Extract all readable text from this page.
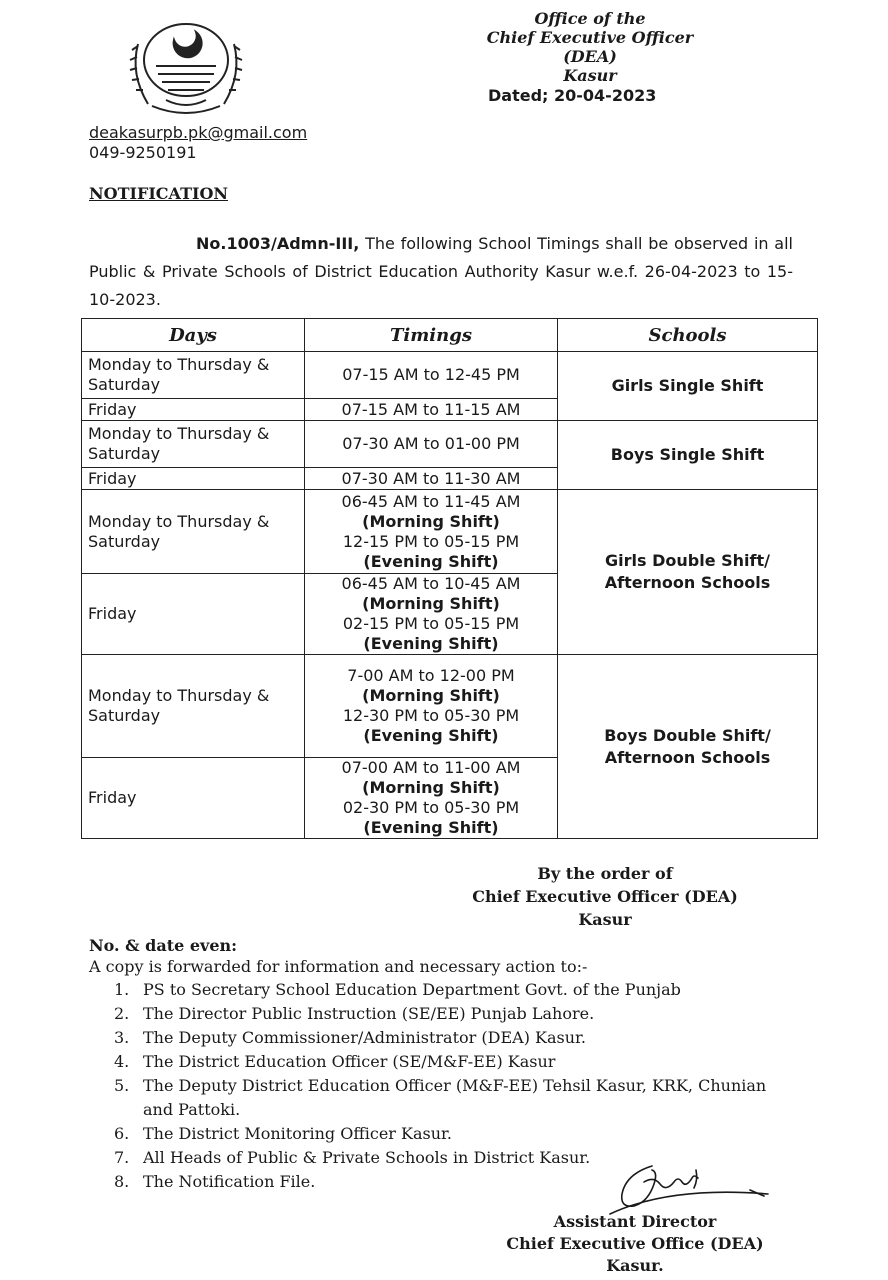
Office of the
Chief Executive Officer (DEA)
Kasur
Dated; 20-04-2023
deakasurpb.pk@gmail.com
049-9250191
NOTIFICATION
No.1003/Admn-III, The following School Timings shall be observed in all Public & Private Schools of District Education Authority Kasur w.e.f. 26-04-2023 to 15-10-2023.
Days	Timings	Schools
Monday to Thursday & Saturday	07-15 AM to 12-45 PM	Girls Single Shift
Friday	07-15 AM to 11-15 AM	
Monday to Thursday & Saturday	07-30 AM to 01-00 PM	Boys Single Shift
Friday	07-30 AM to 11-30 AM	
Monday to Thursday & Saturday	06-45 AM to 11-45 AM
(Morning Shift)
12-15 PM to 05-15 PM
(Evening Shift)	Girls Double Shift/
Afternoon Schools

Friday	06-45 AM to 10-45 AM
(Morning Shift)
02-15 PM to 05-15 PM
(Evening Shift)	

Monday to Thursday & Saturday	7-00 AM to 12-00 PM
(Morning Shift)
12-30 PM to 05-30 PM
(Evening Shift)	Boys Double Shift/
Afternoon Schools

Friday	07-00 AM to 11-00 AM
(Morning Shift)
02-30 PM to 05-30 PM
(Evening Shift)	
By the order of
Chief Executive Officer (DEA)
Kasur
No. & date even:
A copy is forwarded for information and necessary action to:-
1. PS to Secretary School Education Department Govt. of the Punjab
2. The Director Public Instruction (SE/EE) Punjab Lahore.
3. The Deputy Commissioner/Administrator (DEA) Kasur.
4. The District Education Officer (SE/M&F-EE) Kasur
5. The Deputy District Education Officer (M&F-EE) Tehsil Kasur, KRK, Chunian and Pattoki.
6. The District Monitoring Officer Kasur.
7. All Heads of Public & Private Schools in District Kasur.
8. The Notification File.
Assistant Director
Chief Executive Office (DEA)
Kasur.
